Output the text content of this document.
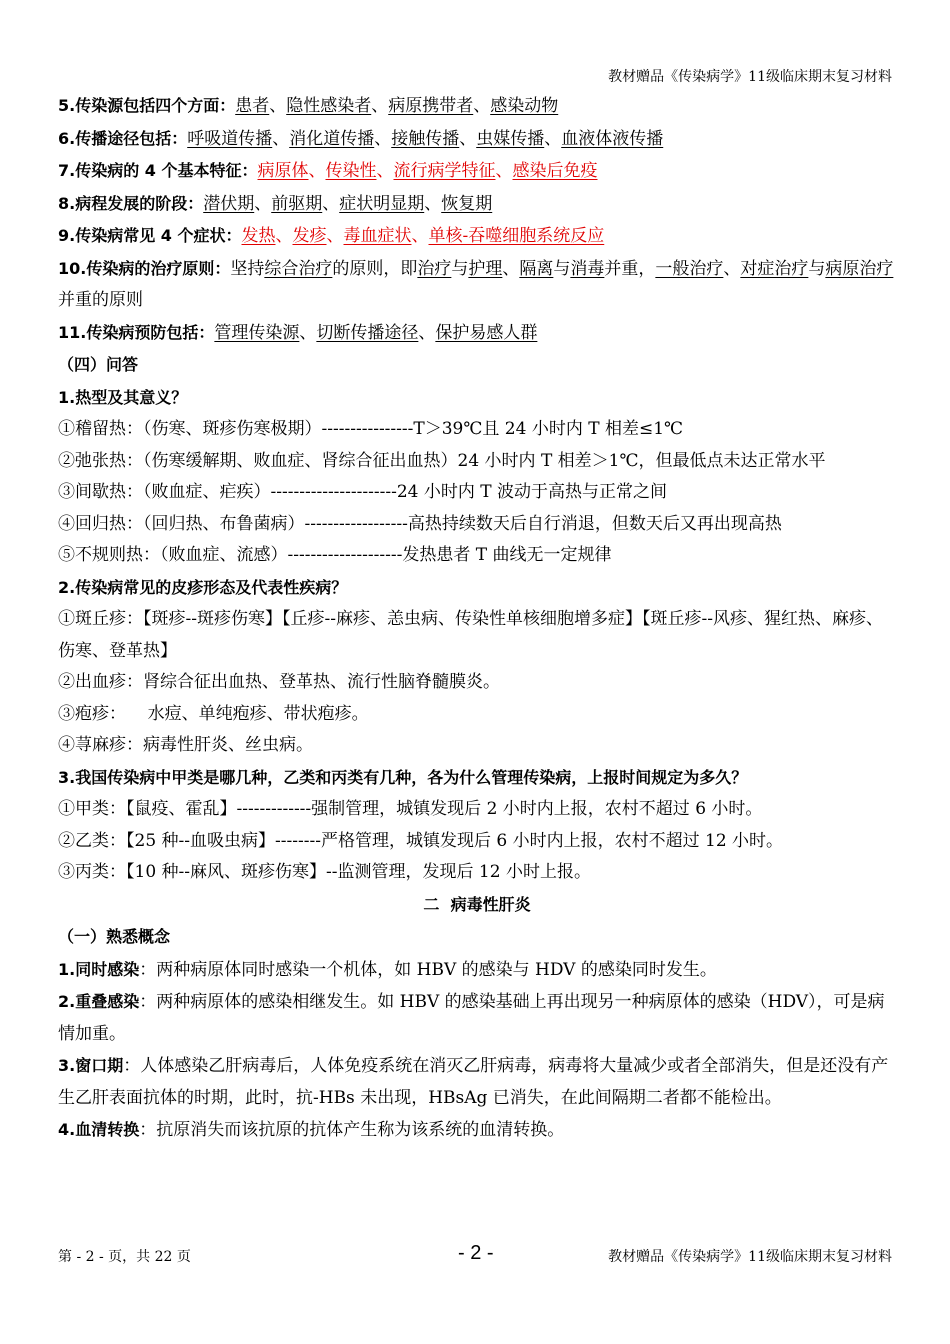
教材赠品《传染病学》11级临床期末复习材料
5.传染源包括四个方面：患者、隐性感染者、病原携带者、感染动物
6.传播途径包括：呼吸道传播、消化道传播、接触传播、虫媒传播、血液体液传播
7.传染病的 4 个基本特征：病原体、传染性、流行病学特征、感染后免疫
8.病程发展的阶段：潜伏期、前驱期、症状明显期、恢复期
9.传染病常见 4 个症状：发热、发疹、毒血症状、单核-吞噬细胞系统反应
10.传染病的治疗原则：坚持综合治疗的原则，即治疗与护理、隔离与消毒并重，一般治疗、对症治疗与病原治疗并重的原则
11.传染病预防包括：管理传染源、切断传播途径、保护易感人群
（四）问答
1.热型及其意义？
①稽留热：（伤寒、斑疹伤寒极期）----------------T＞39℃且 24 小时内 T 相差≤1℃
②弛张热：（伤寒缓解期、败血症、肾综合征出血热）24 小时内 T 相差＞1℃，但最低点未达正常水平
③间歇热：（败血症、疟疾）----------------------24 小时内 T 波动于高热与正常之间
④回归热：（回归热、布鲁菌病）------------------高热持续数天后自行消退，但数天后又再出现高热
⑤不规则热：（败血症、流感）--------------------发热患者 T 曲线无一定规律
2.传染病常见的皮疹形态及代表性疾病？
①斑丘疹：【斑疹--斑疹伤寒】【丘疹--麻疹、恙虫病、传染性单核细胞增多症】【斑丘疹--风疹、猩红热、麻疹、伤寒、登革热】
②出血疹：肾综合征出血热、登革热、流行性脑脊髓膜炎。
③疱疹：    水痘、单纯疱疹、带状疱疹。
④荨麻疹：病毒性肝炎、丝虫病。
3.我国传染病中甲类是哪几种，乙类和丙类有几种，各为什么管理传染病，上报时间规定为多久？
①甲类：【鼠疫、霍乱】-------------强制管理，城镇发现后 2 小时内上报，农村不超过 6 小时。
②乙类：【25 种--血吸虫病】--------严格管理，城镇发现后 6 小时内上报，农村不超过 12 小时。
③丙类：【10 种--麻风、斑疹伤寒】--监测管理，发现后 12 小时上报。
二  病毒性肝炎
（一）熟悉概念
1.同时感染：两种病原体同时感染一个机体，如 HBV 的感染与 HDV 的感染同时发生。
2.重叠感染：两种病原体的感染相继发生。如 HBV 的感染基础上再出现另一种病原体的感染（HDV），可是病情加重。
3.窗口期：人体感染乙肝病毒后，人体免疫系统在消灭乙肝病毒，病毒将大量减少或者全部消失，但是还没有产生乙肝表面抗体的时期，此时，抗-HBs 未出现，HBsAg 已消失，在此间隔期二者都不能检出。
4.血清转换：抗原消失而该抗原的抗体产生称为该系统的血清转换。
第 - 2 - 页，共 22 页	- 2 -	教材赠品《传染病学》11级临床期末复习材料
